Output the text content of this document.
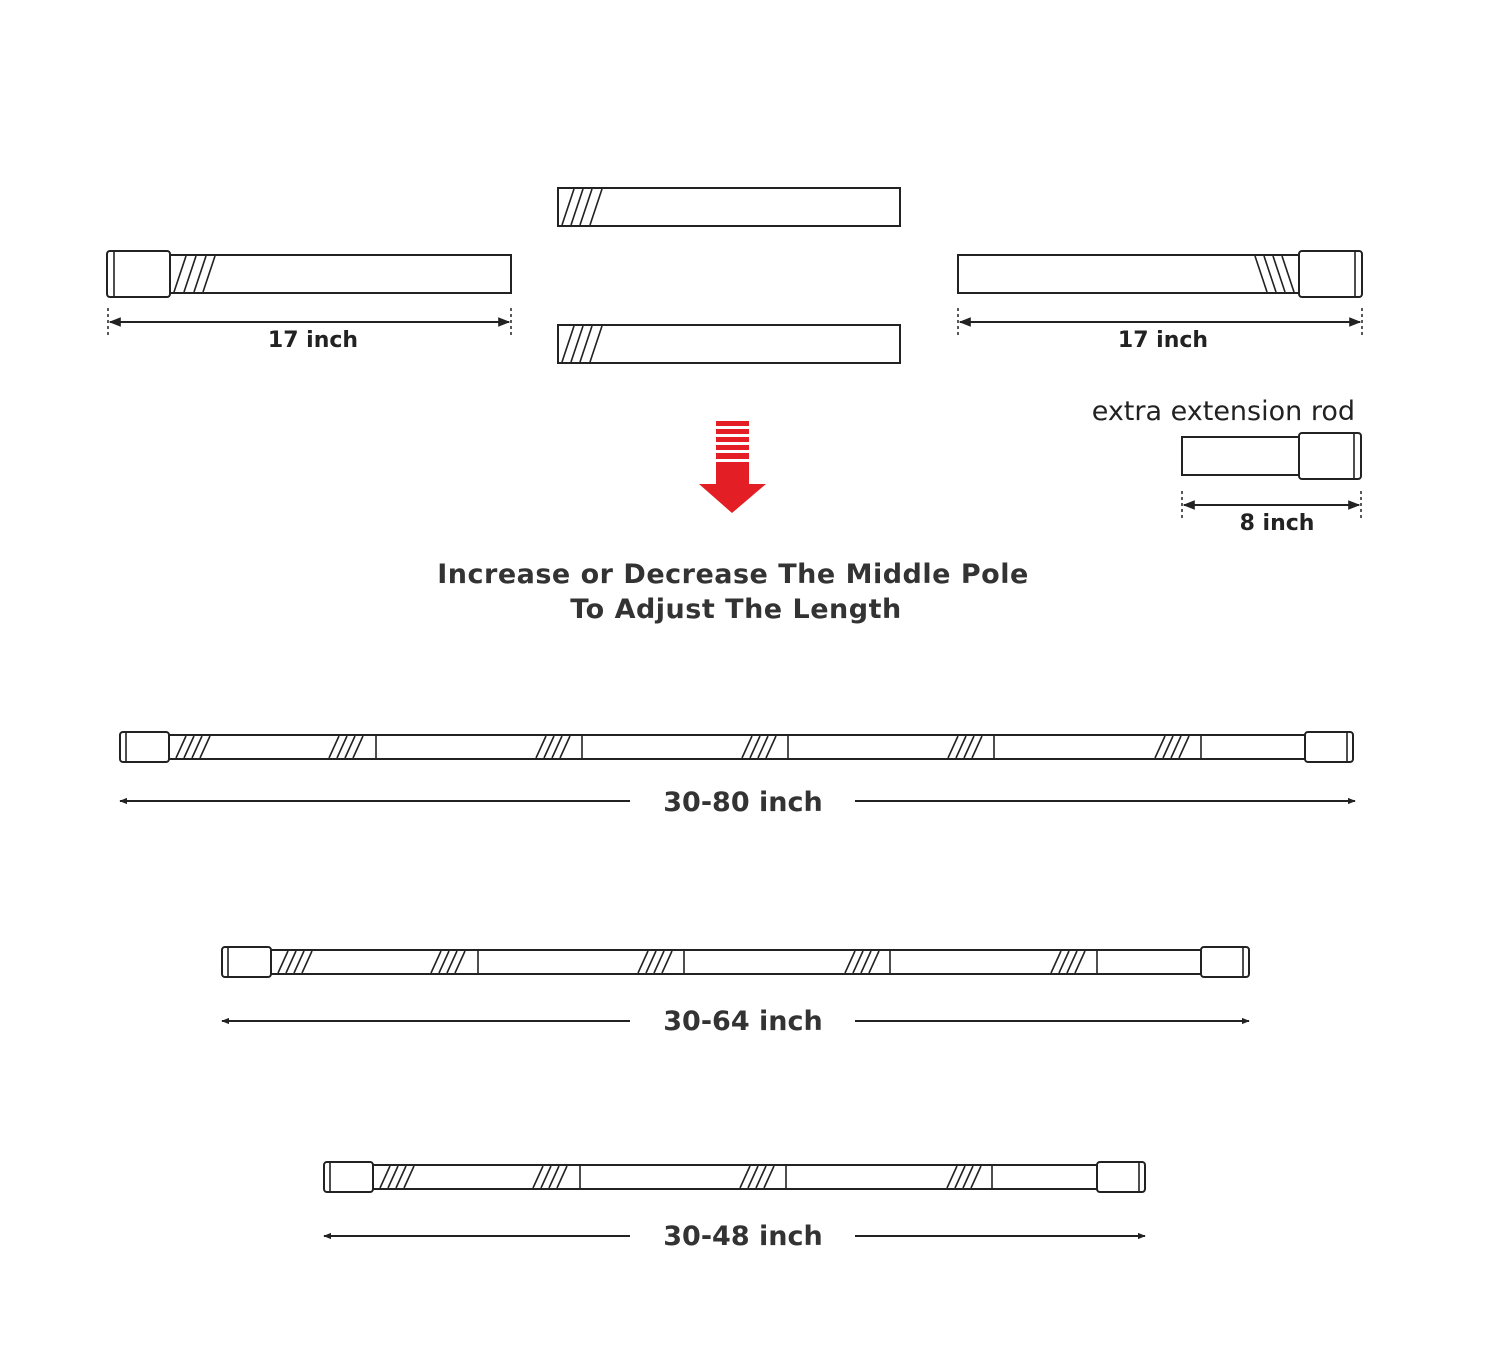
17 inch	17 inch
extra extension rod
8 inch
Increase or Decrease The Middle Pole
To Adjust The Length
30-80 inch
30-64 inch
30-48 inch
